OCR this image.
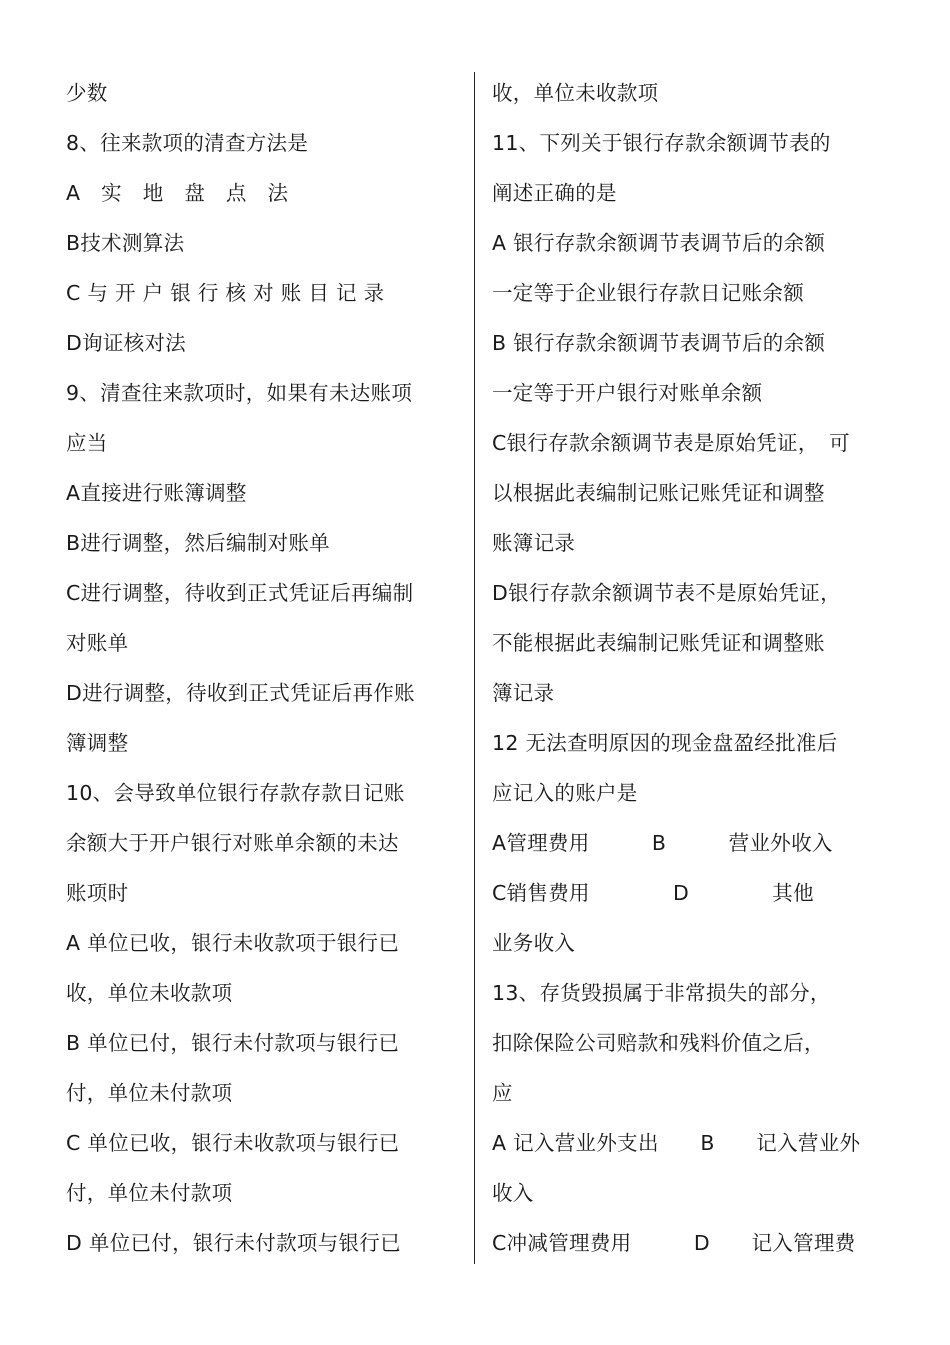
少数
8、往来款项的清查方法是
A　实　地　盘　点　法
B技术测算法
C 与 开 户 银 行 核 对 账 目 记 录
D询证核对法
9、清查往来款项时，如果有未达账项
应当
A直接进行账簿调整
B进行调整，然后编制对账单
C进行调整，待收到正式凭证后再编制
对账单
D进行调整，待收到正式凭证后再作账
簿调整
10、会导致单位银行存款存款日记账
余额大于开户银行对账单余额的未达
账项时
A 单位已收，银行未收款项于银行已
收，单位未收款项
B 单位已付，银行未付款项与银行已
付，单位未付款项
C 单位已收，银行未收款项与银行已
付，单位未付款项
D 单位已付，银行未付款项与银行已
收，单位未收款项
11、下列关于银行存款余额调节表的
阐述正确的是
A 银行存款余额调节表调节后的余额
一定等于企业银行存款日记账余额
B 银行存款余额调节表调节后的余额
一定等于开户银行对账单余额
C银行存款余额调节表是原始凭证，　可
以根据此表编制记账记账凭证和调整
账簿记录
D银行存款余额调节表不是原始凭证，
不能根据此表编制记账凭证和调整账
簿记录
12 无法查明原因的现金盘盈经批准后
应记入的账户是
A管理费用　　　B　　　营业外收入
C销售费用　　　　D　　　　其他
业务收入
13、存货毁损属于非常损失的部分，
扣除保险公司赔款和残料价值之后，
应
A 记入营业外支出　　B　　记入营业外
收入
C冲减管理费用　　　D　　记入管理费
